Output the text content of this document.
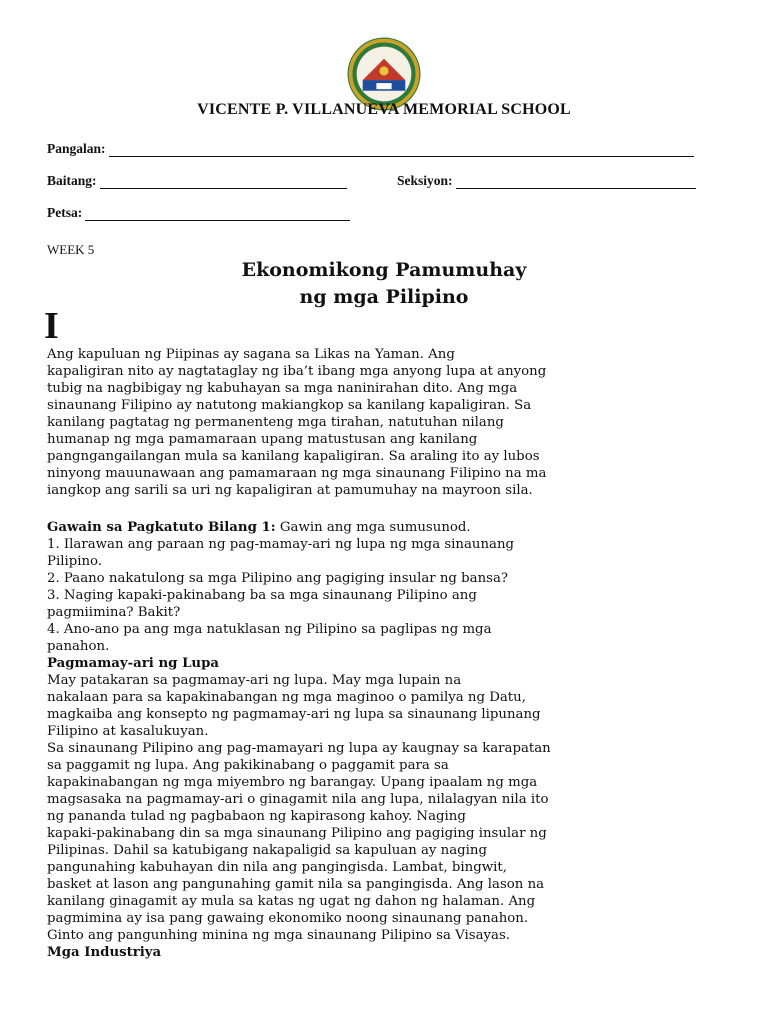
VICENTE P. VILLANUEVA MEMORIAL SCHOOL
Pangalan:
Baitang:	Seksiyon:
Petsa:
WEEK 5
Ekonomikong Pamumuhay
ng mga Pilipino
I
Ang kapuluan ng Piipinas ay sagana sa Likas na Yaman. Ang
kapaligiran nito ay nagtataglay ng iba’t ibang mga anyong lupa at anyong
tubig na nagbibigay ng kabuhayan sa mga naninirahan dito. Ang mga
sinaunang Filipino ay natutong makiangkop sa kanilang kapaligiran. Sa
kanilang pagtatag ng permanenteng mga tirahan, natutuhan nilang
humanap ng mga pamamaraan upang matustusan ang kanilang
pangngangailangan mula sa kanilang kapaligiran. Sa araling ito ay lubos
ninyong mauunawaan ang pamamaraan ng mga sinaunang Filipino na ma
iangkop ang sarili sa uri ng kapaligiran at pamumuhay na mayroon sila.
Gawain sa Pagkatuto Bilang 1: Gawin ang mga sumusunod.
1. Ilarawan ang paraan ng pag-mamay-ari ng lupa ng mga sinaunang
Pilipino.
2. Paano nakatulong sa mga Pilipino ang pagiging insular ng bansa?
3. Naging kapaki-pakinabang ba sa mga sinaunang Pilipino ang
pagmiimina? Bakit?
4. Ano-ano pa ang mga natuklasan ng Pilipino sa paglipas ng mga
panahon.
Pagmamay-ari ng Lupa
May patakaran sa pagmamay-ari ng lupa. May mga lupain na
nakalaan para sa kapakinabangan ng mga maginoo o pamilya ng Datu,
magkaiba ang konsepto ng pagmamay-ari ng lupa sa sinaunang lipunang
Filipino at kasalukuyan.
Sa sinaunang Pilipino ang pag-mamayari ng lupa ay kaugnay sa karapatan
sa paggamit ng lupa. Ang pakikinabang o paggamit para sa
kapakinabangan ng mga miyembro ng barangay. Upang ipaalam ng mga
magsasaka na pagmamay-ari o ginagamit nila ang lupa, nilalagyan nila ito
ng pananda tulad ng pagbabaon ng kapirasong kahoy. Naging
kapaki-pakinabang din sa mga sinaunang Pilipino ang pagiging insular ng
Pilipinas. Dahil sa katubigang nakapaligid sa kapuluan ay naging
pangunahing kabuhayan din nila ang pangingisda. Lambat, bingwit,
basket at lason ang pangunahing gamit nila sa pangingisda. Ang lason na
kanilang ginagamit ay mula sa katas ng ugat ng dahon ng halaman. Ang
pagmimina ay isa pang gawaing ekonomiko noong sinaunang panahon.
Ginto ang pangunhing minina ng mga sinaunang Pilipino sa Visayas.
Mga Industriya
